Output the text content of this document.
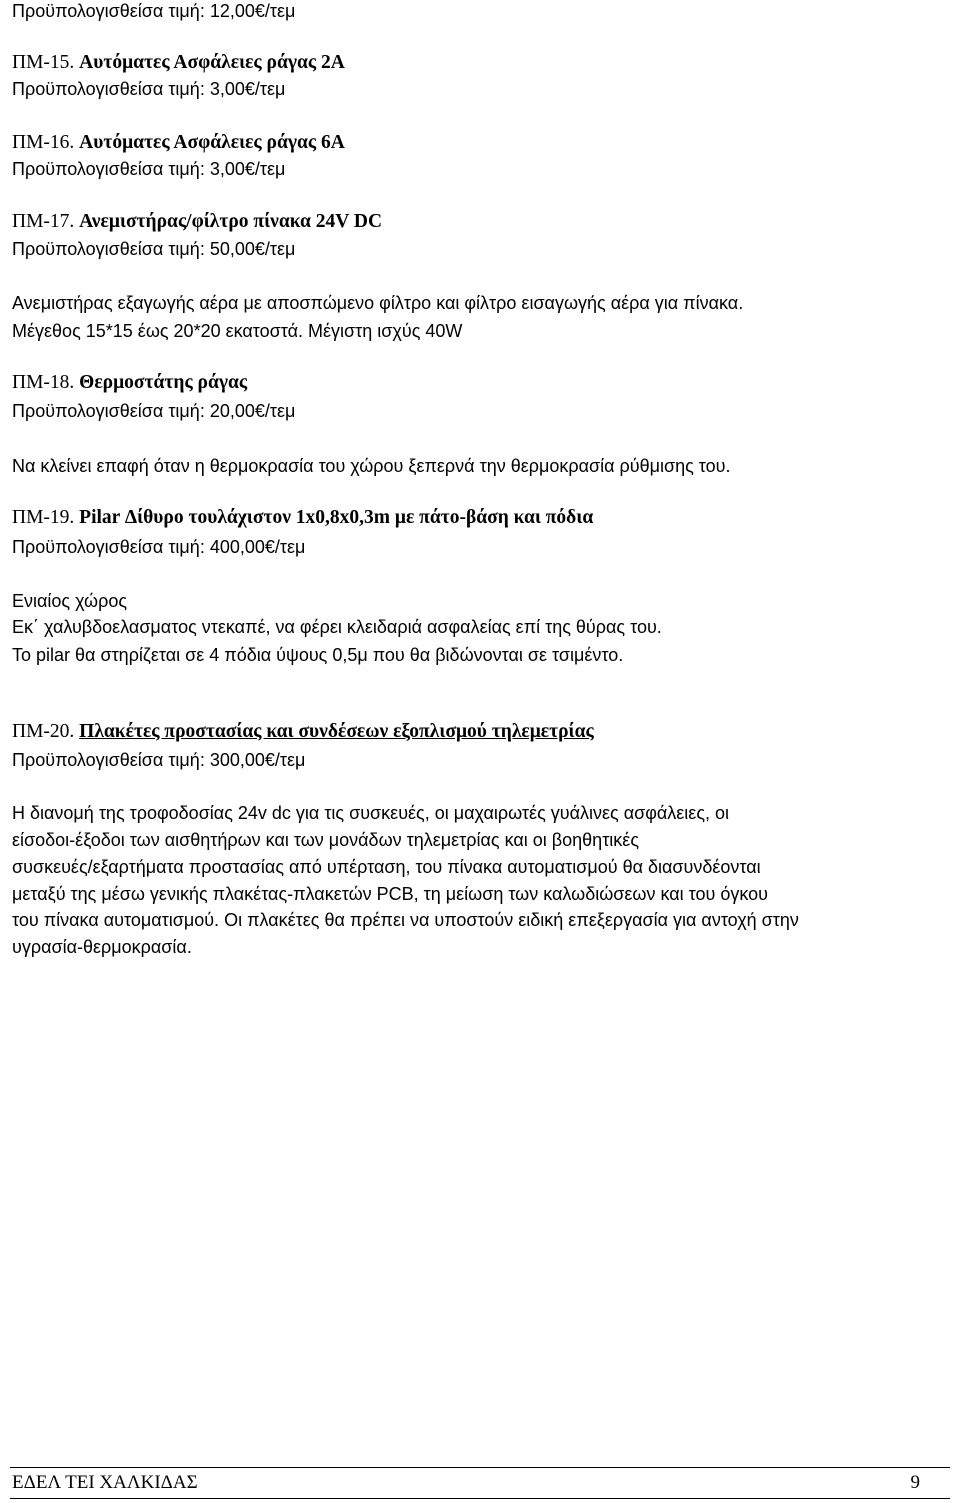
Προϋπολογισθείσα τιμή: 12,00€/τεμ
ΠΜ-15. Αυτόματες Ασφάλειες ράγας 2Α
Προϋπολογισθείσα τιμή: 3,00€/τεμ
ΠΜ-16. Αυτόματες Ασφάλειες ράγας 6Α
Προϋπολογισθείσα τιμή: 3,00€/τεμ
ΠΜ-17. Ανεμιστήρας/φίλτρο πίνακα 24V DC
Προϋπολογισθείσα τιμή: 50,00€/τεμ
Ανεμιστήρας εξαγωγής αέρα με αποσπώμενο φίλτρο και φίλτρο εισαγωγής αέρα για πίνακα.
Μέγεθος 15*15 έως 20*20 εκατοστά. Μέγιστη ισχύς 40W
ΠΜ-18. Θερμοστάτης ράγας
Προϋπολογισθείσα τιμή: 20,00€/τεμ
Να κλείνει επαφή όταν η θερμοκρασία του χώρου ξεπερνά την θερμοκρασία ρύθμισης του.
ΠΜ-19. Pilar Δίθυρο τουλάχιστον 1x0,8x0,3m με πάτο-βάση και πόδια
Προϋπολογισθείσα τιμή: 400,00€/τεμ
Ενιαίος χώρος
Εκ΄ χαλυβδοελασματος ντεκαπέ, να φέρει κλειδαριά ασφαλείας επί της θύρας του.
Το pilar θα στηρίζεται σε 4 πόδια ύψους 0,5μ που θα βιδώνονται σε τσιμέντο.
ΠΜ-20. Πλακέτες προστασίας και συνδέσεων εξοπλισμού τηλεμετρίας
Προϋπολογισθείσα τιμή: 300,00€/τεμ
Η διανομή της τροφοδοσίας 24v dc για τις συσκευές, οι μαχαιρωτές γυάλινες ασφάλειες, οι
είσοδοι-έξοδοι των αισθητήρων και των μονάδων τηλεμετρίας και οι βοηθητικές
συσκευές/εξαρτήματα προστασίας από υπέρταση, του πίνακα αυτοματισμού θα διασυνδέονται
μεταξύ της μέσω γενικής πλακέτας-πλακετών PCB, τη μείωση των καλωδιώσεων και του όγκου
του πίνακα αυτοματισμού. Οι πλακέτες θα πρέπει να υποστούν ειδική επεξεργασία για αντοχή στην
υγρασία-θερμοκρασία.
ΕΔΕΛ ΤΕΙ ΧΑΛΚΙΔΑΣ	9
